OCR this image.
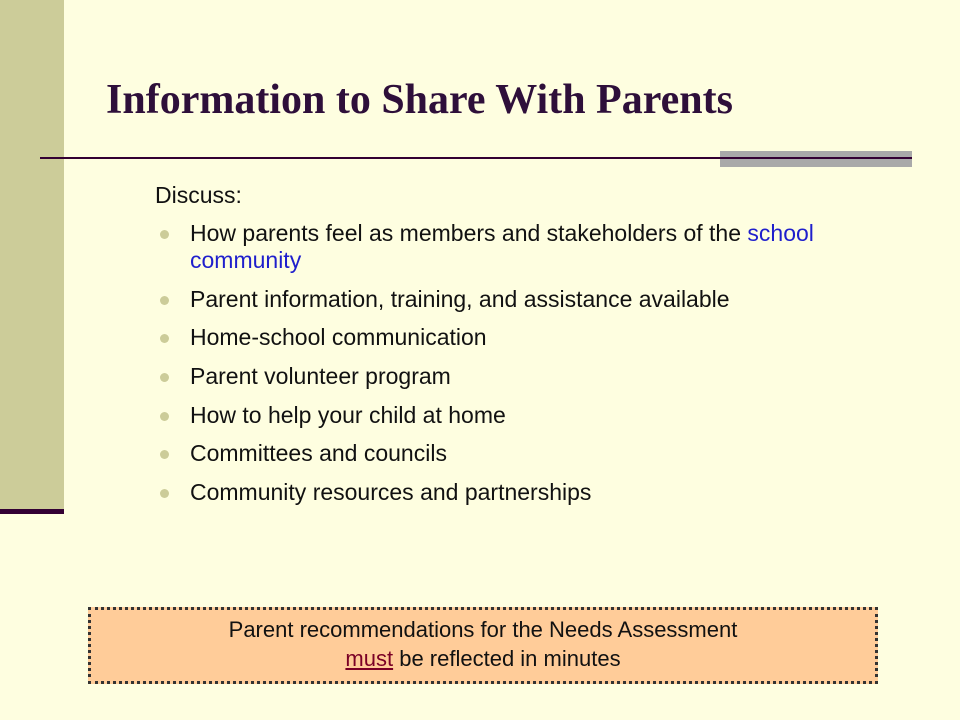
Information to Share With Parents

Discuss:

How parents feel as members and stakeholders of the school community
Parent information, training, and assistance available
Home-school communication
Parent volunteer program
How to help your child at home
Committees and councils
Community resources and partnerships
Parent recommendations for the Needs Assessment
must be reflected in minutes
